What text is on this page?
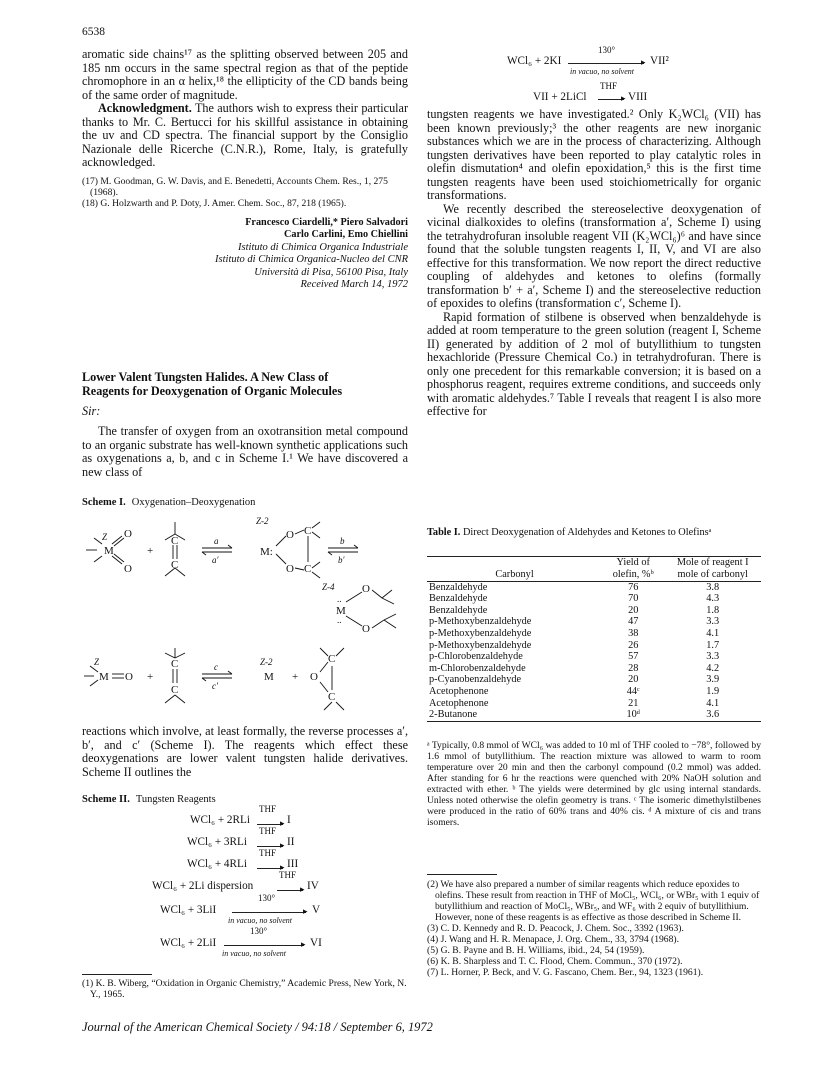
6538

aromatic side chains¹⁷ as the splitting observed between 205 and 185 nm occurs in the same spectral region as that of the peptide chromophore in an α helix,¹⁸ the ellipticity of the CD bands being of the same order of magnitude.

Acknowledgment. The authors wish to express their particular thanks to Mr. C. Bertucci for his skillful assistance in obtaining the uv and CD spectra. The financial support by the Consiglio Nazionale delle Ricerche (C.N.R.), Rome, Italy, is gratefully acknowledged.

(17) M. Goodman, G. W. Davis, and E. Benedetti, Accounts Chem. Res., 1, 275 (1968).
(18) G. Holzwarth and P. Doty, J. Amer. Chem. Soc., 87, 218 (1965).
Francesco Ciardelli,* Piero Salvadori
Carlo Carlini, Emo Chiellini
Istituto di Chimica Organica Industriale
Istituto di Chimica Organica-Nucleo del CNR
Università di Pisa, 56100 Pisa, Italy
Received March 14, 1972
Lower Valent Tungsten Halides. A New Class of
Reagents for Deoxygenation of Organic Molecules
Sir:

The transfer of oxygen from an oxotransition metal compound to an organic substrate has well-known synthetic applications such as oxygenations a, b, and c in Scheme I.¹ We have discovered a new class of

Scheme I. Oxygenation–Deoxygenation
M
O
O
Z
+
C
C
a
a′
Z-2
M:
O
O
C
C
b
b′
Z-4
M
..
..
O
O
Z
M O +
C
C
c
c′
Z-2
M + O
C
C

reactions which involve, at least formally, the reverse processes a′, b′, and c′ (Scheme I). The reagents which effect these deoxygenations are lower valent tungsten halide derivatives. Scheme II outlines the

Scheme II. Tungsten Reagents
WCl₆ + 2RLi
THF
▸ I
WCl₆ + 3RLi
THF
▸ II
WCl₆ + 4RLi
THF
▸ III
WCl₆ + 2Li dispersion
THF
▸ IV
WCl₆ + 3LiI
130°
▸
in vacuo, no solvent
V
WCl₆ + 2LiI
130°
▸
in vacuo, no solvent
VI
(1) K. B. Wiberg, “Oxidation in Organic Chemistry,” Academic Press, New York, N. Y., 1965.
WCl₆ + 2KI
130°
▸
in vacuo, no solvent
VII²
VII + 2LiCl
THF
▸ VIII

tungsten reagents we have investigated.² Only K₂WCl₆ (VII) has been known previously;³ the other reagents are new inorganic substances which we are in the process of characterizing. Although tungsten derivatives have been reported to play catalytic roles in olefin dismutation⁴ and olefin epoxidation,⁵ this is the first time tungsten reagents have been used stoichiometrically for organic transformations.

We recently described the stereoselective deoxygenation of vicinal dialkoxides to olefins (transformation a′, Scheme I) using the tetrahydrofuran insoluble reagent VII (K₂WCl₆)⁶ and have since found that the soluble tungsten reagents I, II, V, and VI are also effective for this transformation. We now report the direct reductive coupling of aldehydes and ketones to olefins (formally transformation b′ + a′, Scheme I) and the stereoselective reduction of epoxides to olefins (transformation c′, Scheme I).

Rapid formation of stilbene is observed when benzaldehyde is added at room temperature to the green solution (reagent I, Scheme II) generated by addition of 2 mol of butyllithium to tungsten hexachloride (Pressure Chemical Co.) in tetrahydrofuran. There is only one precedent for this remarkable conversion; it is based on a phosphorus reagent, requires extreme conditions, and succeeds only with aromatic aldehydes.⁷ Table I reveals that reagent I is also more effective for

Table I. Direct Deoxygenation of Aldehydes and Ketones to Olefinsᵃ
Carbonyl	Yield of olefin, %ᵇ	Mole of reagent I mole of carbonyl
Benzaldehyde	76	3.8
Benzaldehyde	70	4.3
Benzaldehyde	20	1.8
p-Methoxybenzaldehyde	47	3.3
p-Methoxybenzaldehyde	38	4.1
p-Methoxybenzaldehyde	26	1.7
p-Chlorobenzaldehyde	57	3.3
m-Chlorobenzaldehyde	28	4.2
p-Cyanobenzaldehyde	20	3.9
Acetophenone	44ᶜ	1.9
Acetophenone	21	4.1
2-Butanone	10ᵈ	3.6
ᵃ Typically, 0.8 mmol of WCl₆ was added to 10 ml of THF cooled to −78°, followed by 1.6 mmol of butyllithium. The reaction mixture was allowed to warm to room temperature over 20 min and then the carbonyl compound (0.2 mmol) was added. After standing for 6 hr the reactions were quenched with 20% NaOH solution and extracted with ether. ᵇ The yields were determined by glc using internal standards. Unless noted otherwise the olefin geometry is trans. ᶜ The isomeric dimethylstilbenes were produced in the ratio of 60% trans and 40% cis. ᵈ A mixture of cis and trans isomers.
(2) We have also prepared a number of similar reagents which reduce epoxides to olefins. These result from reaction in THF of MoCl₅, WCl₆, or WBr₅ with 1 equiv of butyllithium and reaction of MoCl₅, WBr₅, and WF₆ with 2 equiv of butyllithium. However, none of these reagents is as effective as those described in Scheme II.
(3) C. D. Kennedy and R. D. Peacock, J. Chem. Soc., 3392 (1963).
(4) J. Wang and H. R. Menapace, J. Org. Chem., 33, 3794 (1968).
(5) G. B. Payne and B. H. Williams, ibid., 24, 54 (1959).
(6) K. B. Sharpless and T. C. Flood, Chem. Commun., 370 (1972).
(7) L. Horner, P. Beck, and V. G. Fascano, Chem. Ber., 94, 1323 (1961).
Journal of the American Chemical Society / 94:18 / September 6, 1972
